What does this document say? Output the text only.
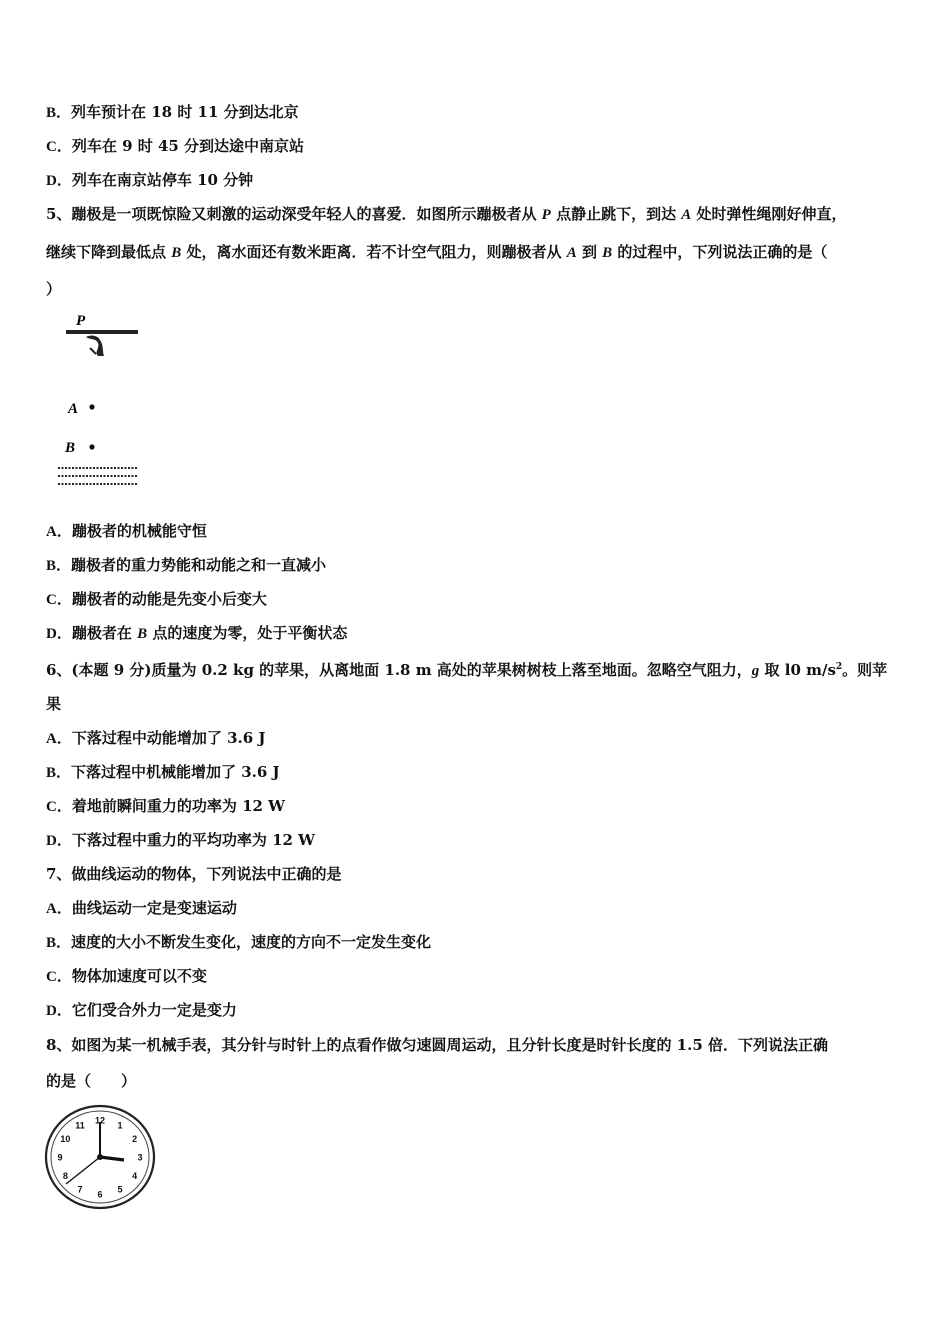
B．列车预计在 18 时 11 分到达北京
C．列车在 9 时 45 分到达途中南京站
D．列车在南京站停车 10 分钟
5、蹦极是一项既惊险又刺激的运动深受年轻人的喜爱．如图所示蹦极者从 P 点静止跳下，到达 A 处时弹性绳刚好伸直，
继续下降到最低点 B 处，离水面还有数米距离．若不计空气阻力，则蹦极者从 A 到 B 的过程中，下列说法正确的是（
）
P
A
B
A．蹦极者的机械能守恒
B．蹦极者的重力势能和动能之和一直减小
C．蹦极者的动能是先变小后变大
D．蹦极者在 B 点的速度为零，处于平衡状态
6、(本题 9 分)质量为 0.2 kg 的苹果，从离地面 1.8 m 高处的苹果树树枝上落至地面。忽略空气阻力，g 取 l0 $m/s^2$。则苹
果
A．下落过程中动能增加了 3.6 J
B．下落过程中机械能增加了 3.6 J
C．着地前瞬间重力的功率为 12 W
D．下落过程中重力的平均功率为 12 W
7、做曲线运动的物体，下列说法中正确的是
A．曲线运动一定是变速运动
B．速度的大小不断发生变化，速度的方向不一定发生变化
C．物体加速度可以不变
D．它们受合外力一定是变力
8、如图为某一机械手表，其分针与时针上的点看作做匀速圆周运动，且分针长度是时针长度的 1.5 倍．下列说法正确
的是（　　）
12 1
2
3
4
5
6
7
8
9
10
11
